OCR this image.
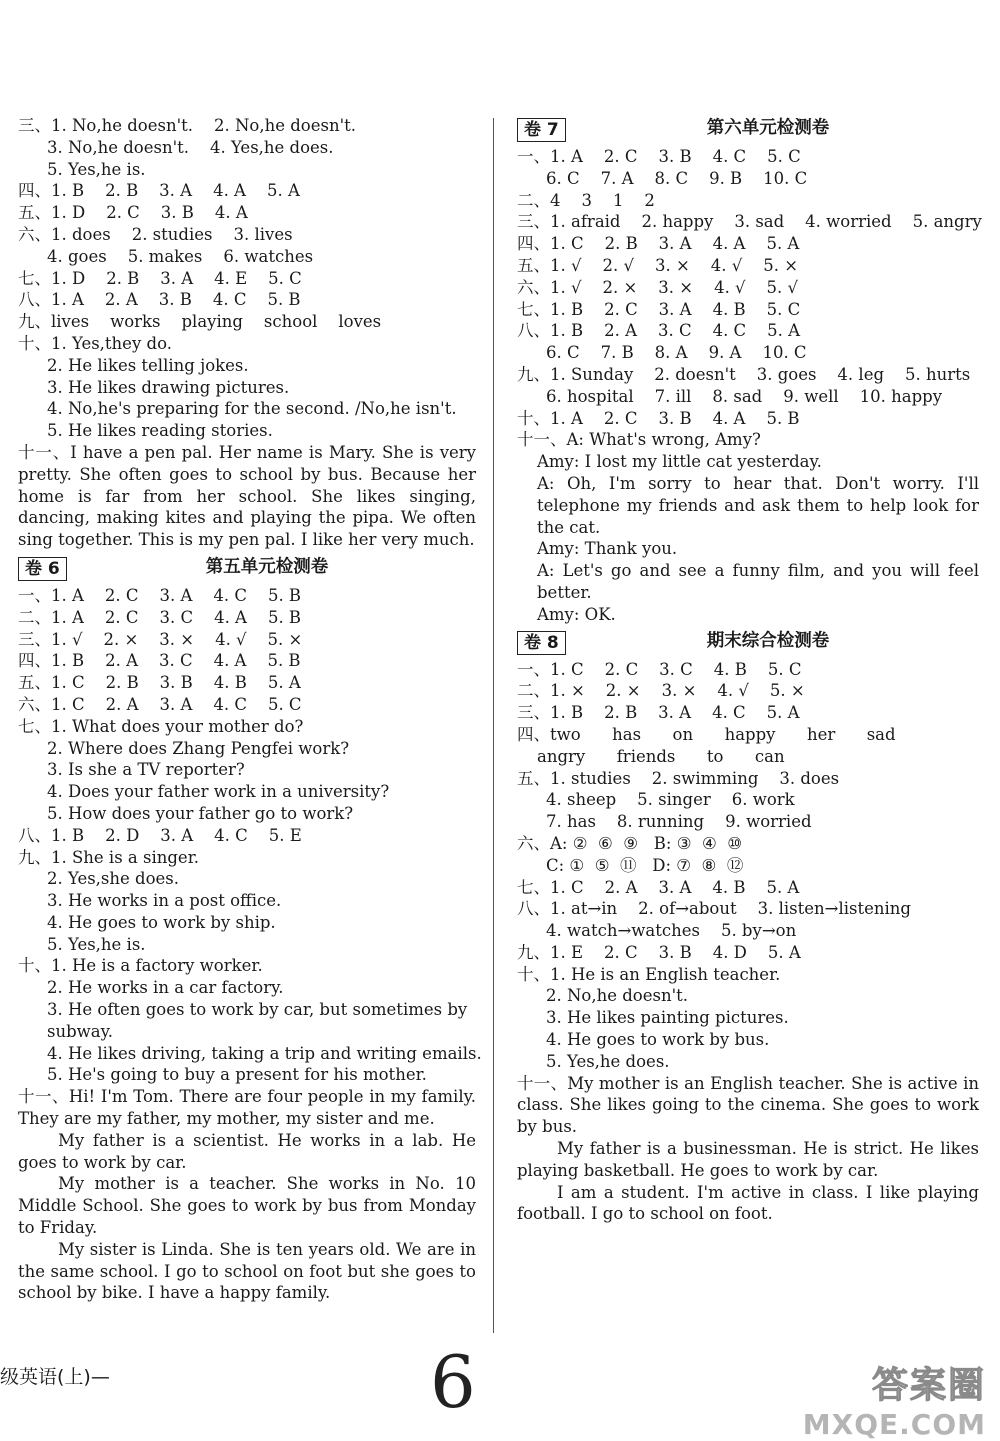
三、1. No,he doesn't.    2. No,he doesn't.
3. No,he doesn't.    4. Yes,he does.
5. Yes,he is.
四、1. B    2. B    3. A    4. A    5. A
五、1. D    2. C    3. B    4. A
六、1. does    2. studies    3. lives
4. goes    5. makes    6. watches
七、1. D    2. B    3. A    4. E    5. C
八、1. A    2. A    3. B    4. C    5. B
九、lives    works    playing    school    loves
十、1. Yes,they do.
2. He likes telling jokes.
3. He likes drawing pictures.
4. No,he's preparing for the second. /No,he isn't.
5. He likes reading stories.
十一、I have a pen pal. Her name is Mary. She is very pretty. She often goes to school by bus. Because her home is far from her school. She likes singing, dancing, making kites and playing the pipa. We often sing together. This is my pen pal. I like her very much.
卷 6	第五单元检测卷
一、1. A    2. C    3. A    4. C    5. B
二、1. A    2. C    3. C    4. A    5. B
三、1. √    2. ×    3. ×    4. √    5. ×
四、1. B    2. A    3. C    4. A    5. B
五、1. C    2. B    3. B    4. B    5. A
六、1. C    2. A    3. A    4. C    5. C
七、1. What does your mother do?
2. Where does Zhang Pengfei work?
3. Is she a TV reporter?
4. Does your father work in a university?
5. How does your father go to work?
八、1. B    2. D    3. A    4. C    5. E
九、1. She is a singer.
2. Yes,she does.
3. He works in a post office.
4. He goes to work by ship.
5. Yes,he is.
十、1. He is a factory worker.
2. He works in a car factory.
3. He often goes to work by car, but sometimes by
subway.
4. He likes driving, taking a trip and writing emails.
5. He's going to buy a present for his mother.
十一、Hi! I'm Tom. There are four people in my family. They are my father, my mother, my sister and me.
My father is a scientist. He works in a lab. He goes to work by car.
My mother is a teacher. She works in No. 10 Middle School. She goes to work by bus from Monday to Friday.
My sister is Linda. She is ten years old. We are in the same school. I go to school on foot but she goes to school by bike. I have a happy family.
卷 7	第六单元检测卷
一、1. A    2. C    3. B    4. C    5. C
6. C    7. A    8. C    9. B    10. C
二、4    3    1    2
三、1. afraid    2. happy    3. sad    4. worried    5. angry
四、1. C    2. B    3. A    4. A    5. A
五、1. √    2. √    3. ×    4. √    5. ×
六、1. √    2. ×    3. ×    4. √    5. √
七、1. B    2. C    3. A    4. B    5. C
八、1. B    2. A    3. C    4. C    5. A
6. C    7. B    8. A    9. A    10. C
九、1. Sunday    2. doesn't    3. goes    4. leg    5. hurts
6. hospital    7. ill    8. sad    9. well    10. happy
十、1. A    2. C    3. B    4. A    5. B
十一、A: What's wrong, Amy?
Amy: I lost my little cat yesterday.
A: Oh, I'm sorry to hear that. Don't worry. I'll telephone my friends and ask them to help look for the cat.
Amy: Thank you.
A: Let's go and see a funny film, and you will feel better.
Amy: OK.
卷 8	期末综合检测卷
一、1. C    2. C    3. C    4. B    5. C
二、1. ×    2. ×    3. ×    4. √    5. ×
三、1. B    2. B    3. A    4. C    5. A
四、two      has      on      happy      her      sad
angry      friends      to      can
五、1. studies    2. swimming    3. does
4. sheep    5. singer    6. work
7. has    8. running    9. worried
六、A: ②  ⑥  ⑨   B: ③  ④  ⑩
C: ①  ⑤  ⑪   D: ⑦  ⑧  ⑫
七、1. C    2. A    3. A    4. B    5. A
八、1. at→in    2. of→about    3. listen→listening
4. watch→watches    5. by→on
九、1. E    2. C    3. B    4. D    5. A
十、1. He is an English teacher.
2. No,he doesn't.
3. He likes painting pictures.
4. He goes to work by bus.
5. Yes,he does.
十一、My mother is an English teacher. She is active in class. She likes going to the cinema. She goes to work by bus.
My father is a businessman. He is strict. He likes playing basketball. He goes to work by car.
I am a student. I'm active in class. I like playing football. I go to school on foot.
级英语(上)—	6	答案圈
MXQE.COM
